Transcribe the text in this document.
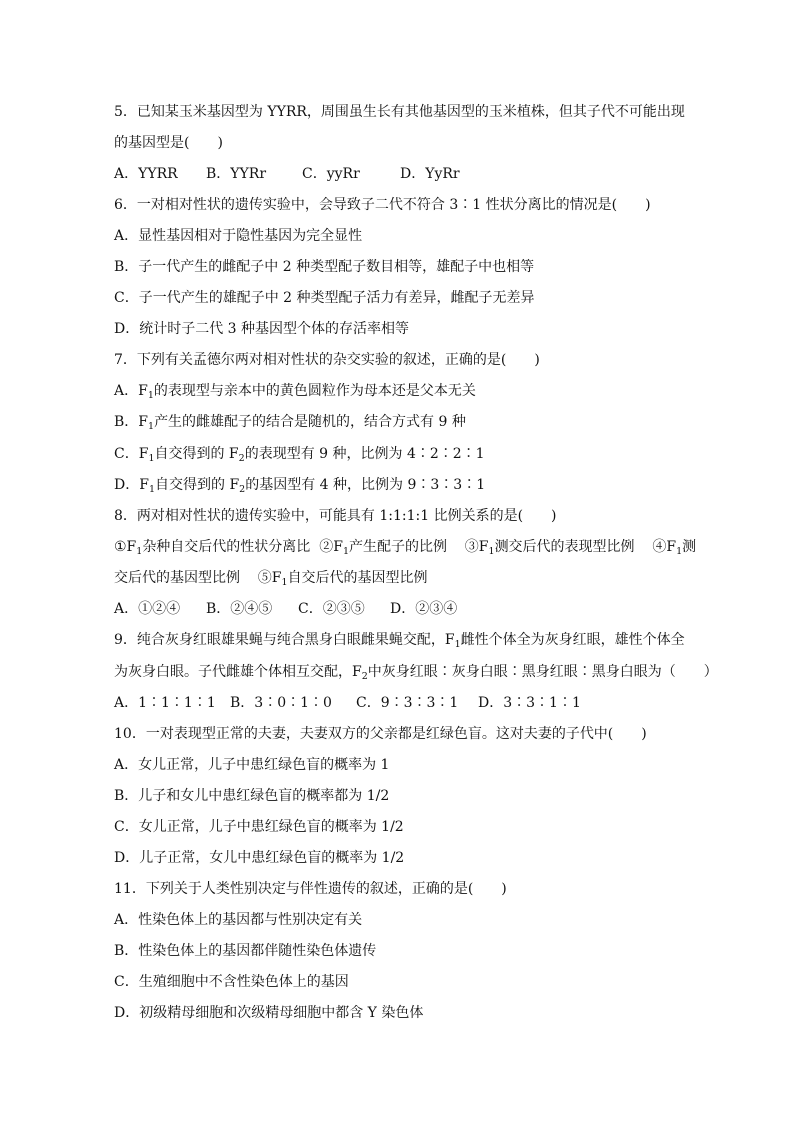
5．已知某玉米基因型为 YYRR，周围虽生长有其他基因型的玉米植株，但其子代不可能出现
的基因型是(　　)
A．YYRR B．YYRr	C．yyRr	D．YyRr
6．一对相对性状的遗传实验中，会导致子二代不符合 3∶1 性状分离比的情况是(　　)
A．显性基因相对于隐性基因为完全显性
B．子一代产生的雌配子中 2 种类型配子数目相等，雄配子中也相等
C．子一代产生的雄配子中 2 种类型配子活力有差异，雌配子无差异
D．统计时子二代 3 种基因型个体的存活率相等
7．下列有关孟德尔两对相对性状的杂交实验的叙述，正确的是(　　)
A．$F_1$的表现型与亲本中的黄色圆粒作为母本还是父本无关
B．$F_1$产生的雌雄配子的结合是随机的，结合方式有 9 种
C．$F_1$自交得到的 $F_2$的表现型有 9 种，比例为 4∶2∶2∶1
D．$F_1$自交得到的 $F_2$的基因型有 4 种，比例为 9∶3∶3∶1
8．两对相对性状的遗传实验中，可能具有 1:1:1:1 比例关系的是(　　)
$①F_1$杂种自交后代的性状分离比  $②F_1$产生配子的比例    $③F_1$测交后代的表现型比例    $④F_1$测
交后代的基因型比例    $⑤F_1$自交后代的基因型比例
A．①②④ B．②④⑤ C．②③⑤ D．②③④
9．纯合灰身红眼雄果蝇与纯合黑身白眼雌果蝇交配，$F_1$雌性个体全为灰身红眼，雄性个体全
为灰身白眼。子代雌雄个体相互交配，$F_2$中灰身红眼∶灰身白眼∶黑身红眼∶黑身白眼为（　　）
A．1∶1∶1∶1 B．3∶0∶1∶0 C．9∶3∶3∶1 D．3∶3∶1∶1
10．一对表现型正常的夫妻，夫妻双方的父亲都是红绿色盲。这对夫妻的子代中(　　)
A．女儿正常，儿子中患红绿色盲的概率为 1
B．儿子和女儿中患红绿色盲的概率都为 1/2
C．女儿正常，儿子中患红绿色盲的概率为 1/2
D．儿子正常，女儿中患红绿色盲的概率为 1/2
11．下列关于人类性别决定与伴性遗传的叙述，正确的是(　　)
A．性染色体上的基因都与性别决定有关
B．性染色体上的基因都伴随性染色体遗传
C．生殖细胞中不含性染色体上的基因
D．初级精母细胞和次级精母细胞中都含 Y 染色体
